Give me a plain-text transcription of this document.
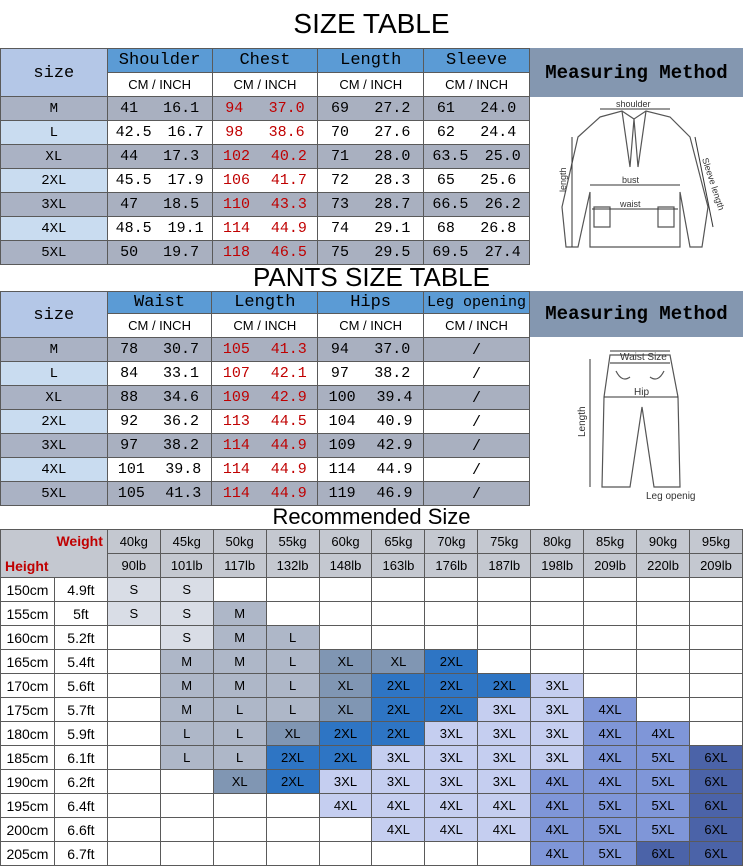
SIZE TABLE
size	Shoulder	Chest	Length	Sleeve
	CM / INCH	CM / INCH	CM / INCH	CM / INCH
M	41 16.1	94 37.0	69 27.2	61 24.0

L	42.5 16.7	98 38.6	70 27.6	62 24.4

XL	44 17.3	102 40.2	71 28.0	63.5 25.0

2XL	45.5 17.9	106 41.7	72 28.3	65 25.6

3XL	47 18.5	110 43.3	73 28.7	66.5 26.2

4XL	48.5 19.1	114 44.9	74 29.1	68 26.8

5XL	50 19.7	118 46.5	75 29.5	69.5 27.4
Measuring Method
shoulder
length	bust
waist	Sleeve length
PANTS SIZE TABLE
size	Waist	Length	Hips	Leg opening
	CM / INCH	CM / INCH	CM / INCH	CM / INCH
M	78 30.7	105 41.3	94 37.0	/
L	84 33.1	107 42.1	97 38.2	/
XL	88 34.6	109 42.9	100 39.4	/
2XL	92 36.2	113 44.5	104 40.9	/
3XL	97 38.2	114 44.9	109 42.9	/
4XL	101 39.8	114 44.9	114 44.9	/
5XL	105 41.3	114 44.9	119 46.9	/
Measuring Method
Waist Size
Hip
Length
Leg openig
Recommended Size
Weight
Height		40kg	45kg	50kg	55kg	60kg	65kg	70kg	75kg	80kg	85kg	90kg	95kg
		90lb	101lb	117lb	132lb	148lb	163lb	176lb	187lb	198lb	209lb	220lb	209lb
150cm	4.9ft	S	S										
155cm	5ft	S	S	M									
160cm	5.2ft		S	M	L								
165cm	5.4ft		M	M	L	XL	XL	2XL					
170cm	5.6ft		M	M	L	XL	2XL	2XL	2XL	3XL			
175cm	5.7ft		M	L	L	XL	2XL	2XL	3XL	3XL	4XL		
180cm	5.9ft		L	L	XL	2XL	2XL	3XL	3XL	3XL	4XL	4XL	
185cm	6.1ft		L	L	2XL	2XL	3XL	3XL	3XL	3XL	4XL	5XL	6XL
190cm	6.2ft			XL	2XL	3XL	3XL	3XL	3XL	4XL	4XL	5XL	6XL
195cm	6.4ft					4XL	4XL	4XL	4XL	4XL	5XL	5XL	6XL
200cm	6.6ft						4XL	4XL	4XL	4XL	5XL	5XL	6XL
205cm	6.7ft									4XL	5XL	6XL	6XL
